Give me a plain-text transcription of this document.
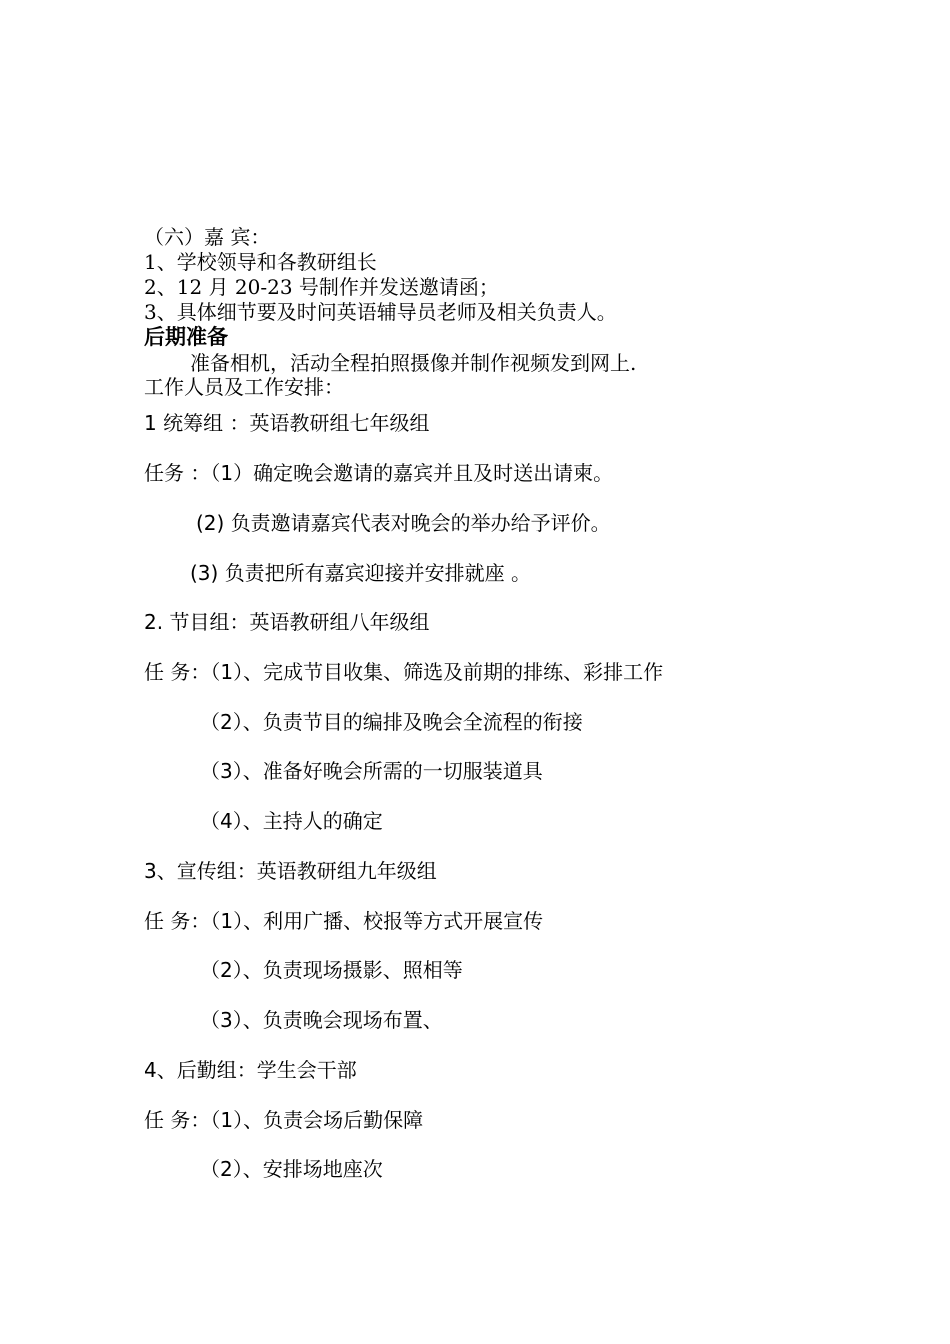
（六）嘉 宾：
1、学校领导和各教研组长
2、12 月 20-23 号制作并发送邀请函；
3、具体细节要及时问英语辅导员老师及相关负责人。
后期准备
准备相机，活动全程拍照摄像并制作视频发到网上.
工作人员及工作安排：
1 统筹组 ：英语教研组七年级组
任务 ：（1）确定晚会邀请的嘉宾并且及时送出请柬。
(2) 负责邀请嘉宾代表对晚会的举办给予评价。
(3) 负责把所有嘉宾迎接并安排就座 。
2. 节目组：英语教研组八年级组
任 务：（1）、完成节目收集、筛选及前期的排练、彩排工作
（2）、负责节目的编排及晚会全流程的衔接
（3）、准备好晚会所需的一切服装道具
（4）、主持人的确定
3、宣传组：英语教研组九年级组
任 务：（1）、利用广播、校报等方式开展宣传
（2）、负责现场摄影、照相等
（3）、负责晚会现场布置、
4、后勤组：学生会干部
任 务：（1）、负责会场后勤保障
（2）、安排场地座次
